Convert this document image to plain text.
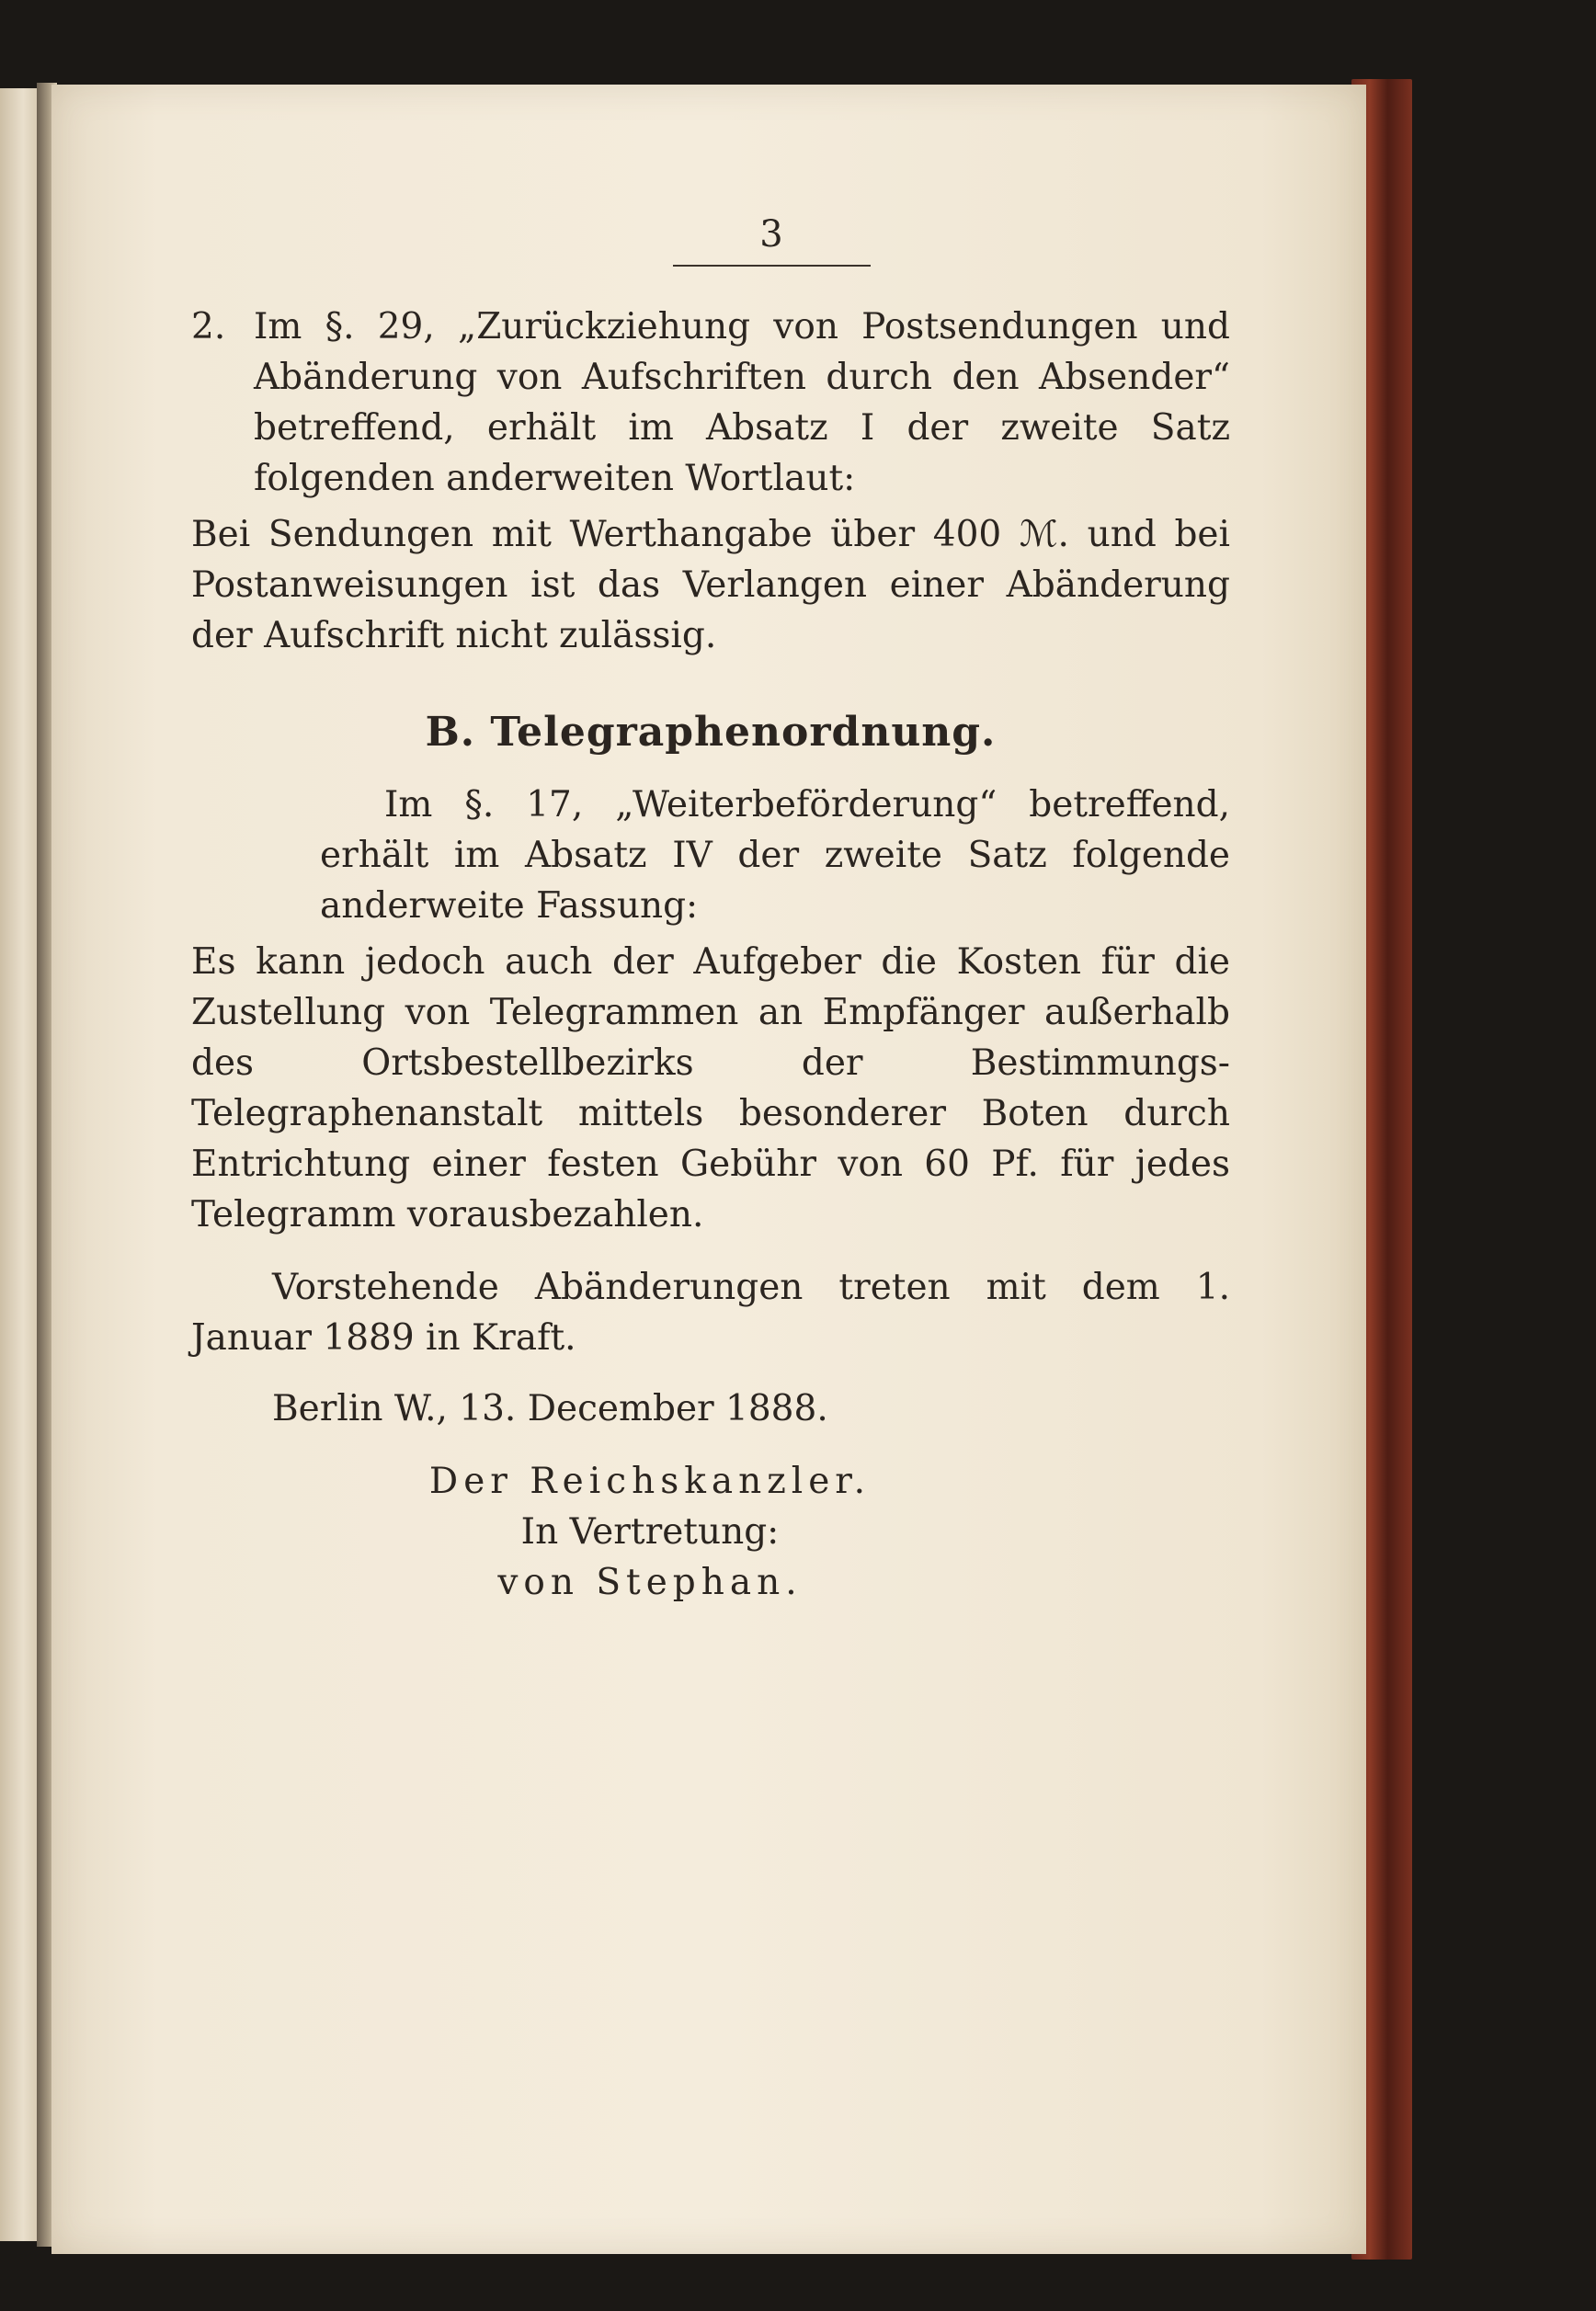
3
2. Im §. 29, „Zurückziehung von Postsendungen und Abänderung von Aufschriften durch den Absender“ betreffend, erhält im Absatz I der zweite Satz folgenden anderweiten Wortlaut:

Bei Sendungen mit Werthangabe über 400 ℳ. und bei Postanweisungen ist das Verlangen einer Abänderung der Aufschrift nicht zulässig.

B. Telegraphenordnung.

Im §. 17, „Weiterbeförderung“ betreffend, erhält im Absatz IV der zweite Satz folgende anderweite Fassung:

Es kann jedoch auch der Aufgeber die Kosten für die Zustellung von Telegrammen an Empfänger außerhalb des Ortsbestellbezirks der Bestimmungs-Telegraphenanstalt mittels besonderer Boten durch Entrichtung einer festen Gebühr von 60 Pf. für jedes Telegramm vorausbezahlen.

Vorstehende Abänderungen treten mit dem 1. Januar 1889 in Kraft.

Berlin W., 13. December 1888.

Der Reichskanzler.

In Vertretung:

von Stephan.
